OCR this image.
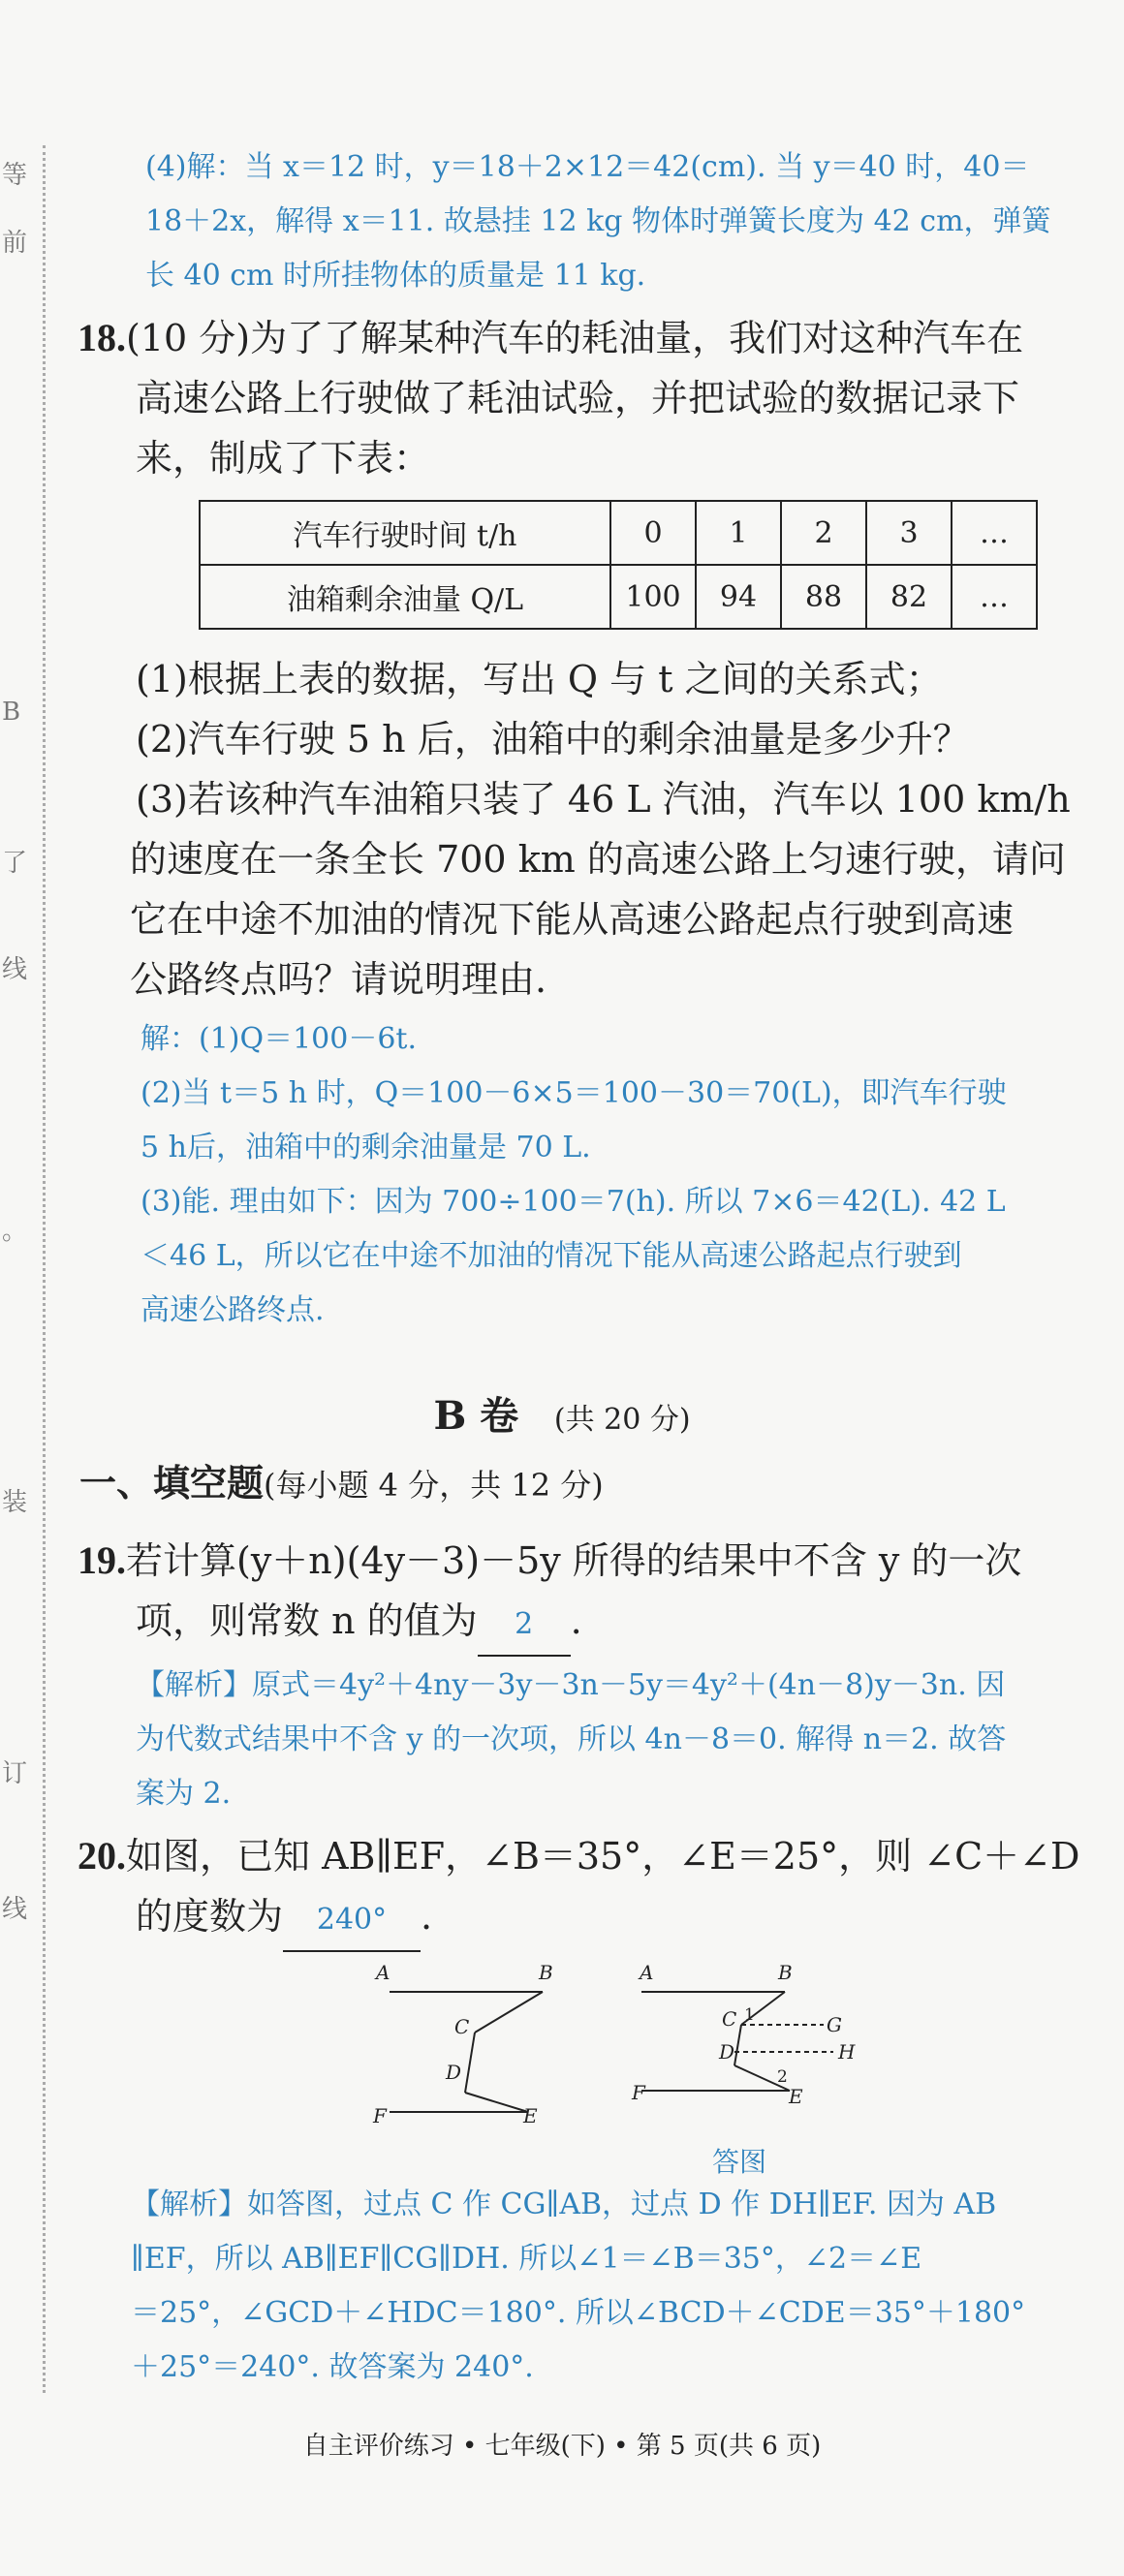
等
前
B
了
线
。
装
订
线

(4)解：当 x＝12 时，y＝18＋2×12＝42(cm). 当 y＝40 时，40＝

18＋2x，解得 x＝11. 故悬挂 12 kg 物体时弹簧长度为 42 cm，弹簧

长 40 cm 时所挂物体的质量是 11 kg.

18.(10 分)为了了解某种汽车的耗油量，我们对这种汽车在

高速公路上行驶做了耗油试验，并把试验的数据记录下

来，制成了下表：

汽车行驶时间 t/h	0	1	2	3	…
油箱剩余油量 Q/L	100	94	88	82	…

(1)根据上表的数据，写出 Q 与 t 之间的关系式；

(2)汽车行驶 5 h 后，油箱中的剩余油量是多少升？

(3)若该种汽车油箱只装了 46 L 汽油，汽车以 100 km/h

的速度在一条全长 700 km 的高速公路上匀速行驶，请问

它在中途不加油的情况下能从高速公路起点行驶到高速

公路终点吗？请说明理由.

解：(1)Q＝100－6t.

(2)当 t＝5 h 时，Q＝100－6×5＝100－30＝70(L)，即汽车行驶

5 h后，油箱中的剩余油量是 70 L.

(3)能. 理由如下：因为 700÷100＝7(h). 所以 7×6＝42(L). 42 L

＜46 L，所以它在中途不加油的情况下能从高速公路起点行驶到

高速公路终点.

B 卷 (共 20 分)

一、填空题(每小题 4 分，共 12 分)

19.若计算(y＋n)(4y－3)－5y 所得的结果中不含 y 的一次

项，则常数 n 的值为 2 .

【解析】原式＝4y²＋4ny－3y－3n－5y＝4y²＋(4n－8)y－3n. 因

为代数式结果中不含 y 的一次项，所以 4n－8＝0. 解得 n＝2. 故答

案为 2.

20.如图，已知 AB∥EF，∠B＝35°，∠E＝25°，则 ∠C＋∠D

的度数为 240° .

A	B
C
D
E
F
A	B
C 1	G
D	H
2
E
F
答图

【解析】如答图，过点 C 作 CG∥AB，过点 D 作 DH∥EF. 因为 AB

∥EF，所以 AB∥EF∥CG∥DH. 所以∠1＝∠B＝35°，∠2＝∠E

＝25°，∠GCD＋∠HDC＝180°. 所以∠BCD＋∠CDE＝35°＋180°

＋25°＝240°. 故答案为 240°.

自主评价练习 • 七年级(下) • 第 5 页(共 6 页)
